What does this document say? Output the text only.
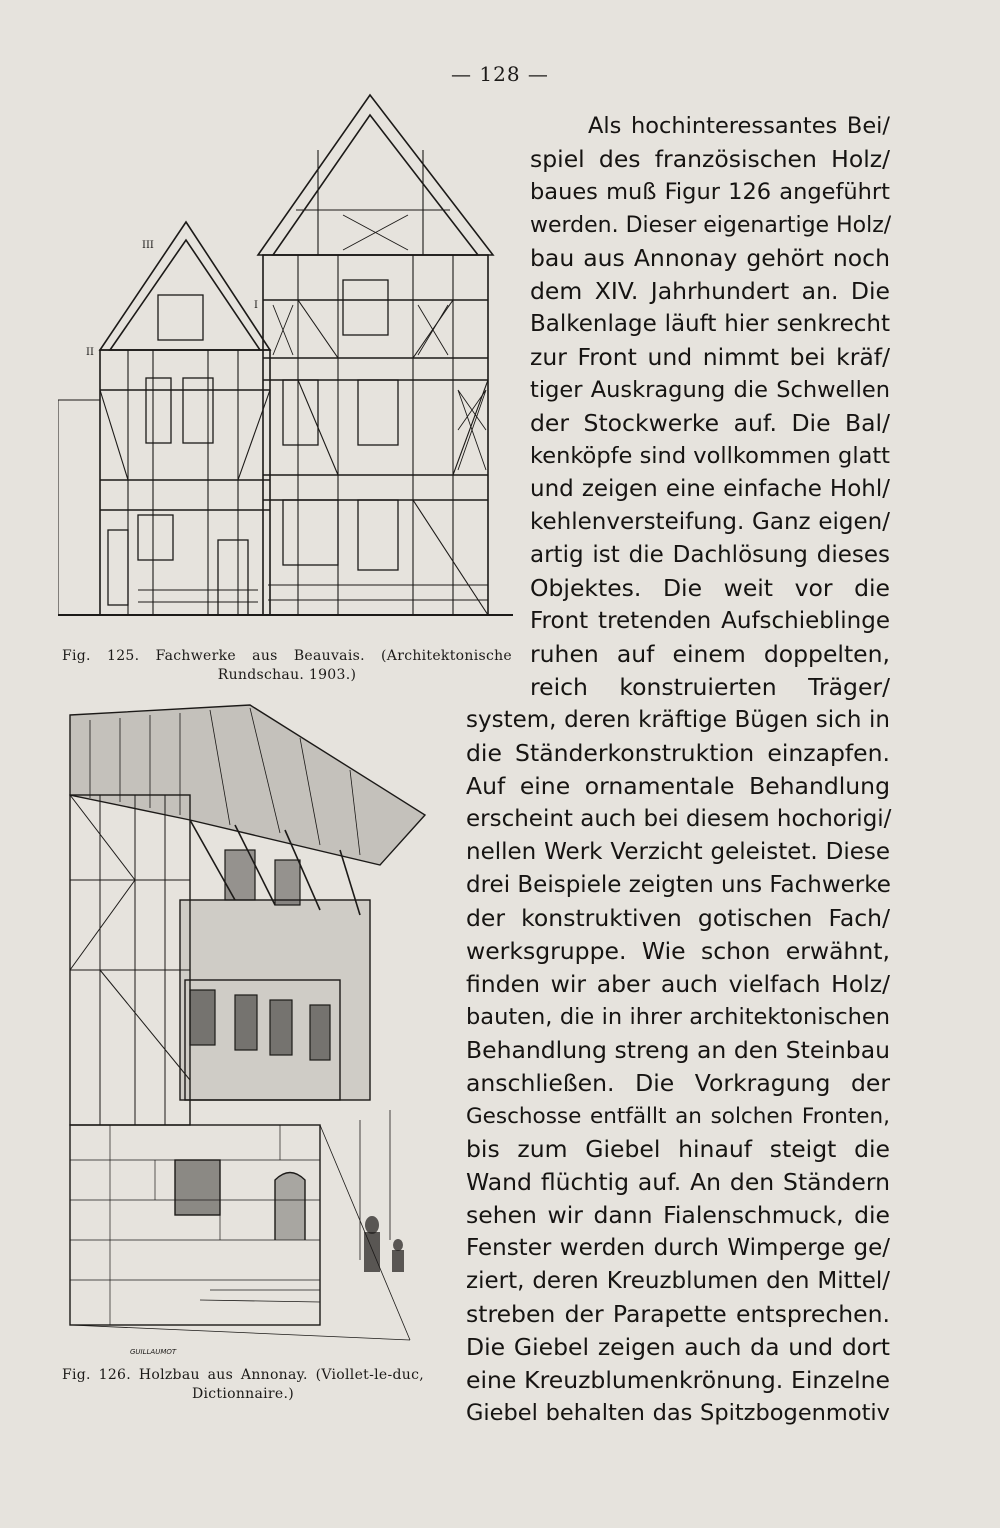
— 128 —
I
II
III
Fig. 125. Fachwerke aus Beauvais. (Architektonische Rundschau. 1903.)
GUILLAUMOT
Fig. 126. Holzbau aus Annonay. (Viollet-le-duc, Dictionnaire.)
Als hochinteressantes Bei/
spiel des französischen Holz/
baues muß Figur 126 angeführt
werden. Dieser eigenartige Holz/
bau aus Annonay gehört noch
dem XIV. Jahrhundert an. Die
Balkenlage läuft hier senkrecht
zur Front und nimmt bei kräf/
tiger Auskragung die Schwellen
der Stockwerke auf. Die Bal/
kenköpfe sind vollkommen glatt
und zeigen eine einfache Hohl/
kehlenversteifung. Ganz eigen/
artig ist die Dachlösung dieses
Objektes. Die weit vor die
Front tretenden Aufschieblinge
ruhen auf einem doppelten,
reich konstruierten Träger/
system, deren kräftige Bügen sich in
die Ständerkonstruktion einzapfen.
Auf eine ornamentale Behandlung
erscheint auch bei diesem hochorigi/
nellen Werk Verzicht geleistet. Diese
drei Beispiele zeigten uns Fachwerke
der konstruktiven gotischen Fach/
werksgruppe. Wie schon erwähnt,
finden wir aber auch vielfach Holz/
bauten, die in ihrer architektonischen
Behandlung streng an den Steinbau
anschließen. Die Vorkragung der
Geschosse entfällt an solchen Fronten,
bis zum Giebel hinauf steigt die
Wand flüchtig auf. An den Ständern
sehen wir dann Fialenschmuck, die
Fenster werden durch Wimperge ge/
ziert, deren Kreuzblumen den Mittel/
streben der Parapette entsprechen.
Die Giebel zeigen auch da und dort
eine Kreuzblumenkrönung. Einzelne
Giebel behalten das Spitzbogenmotiv
